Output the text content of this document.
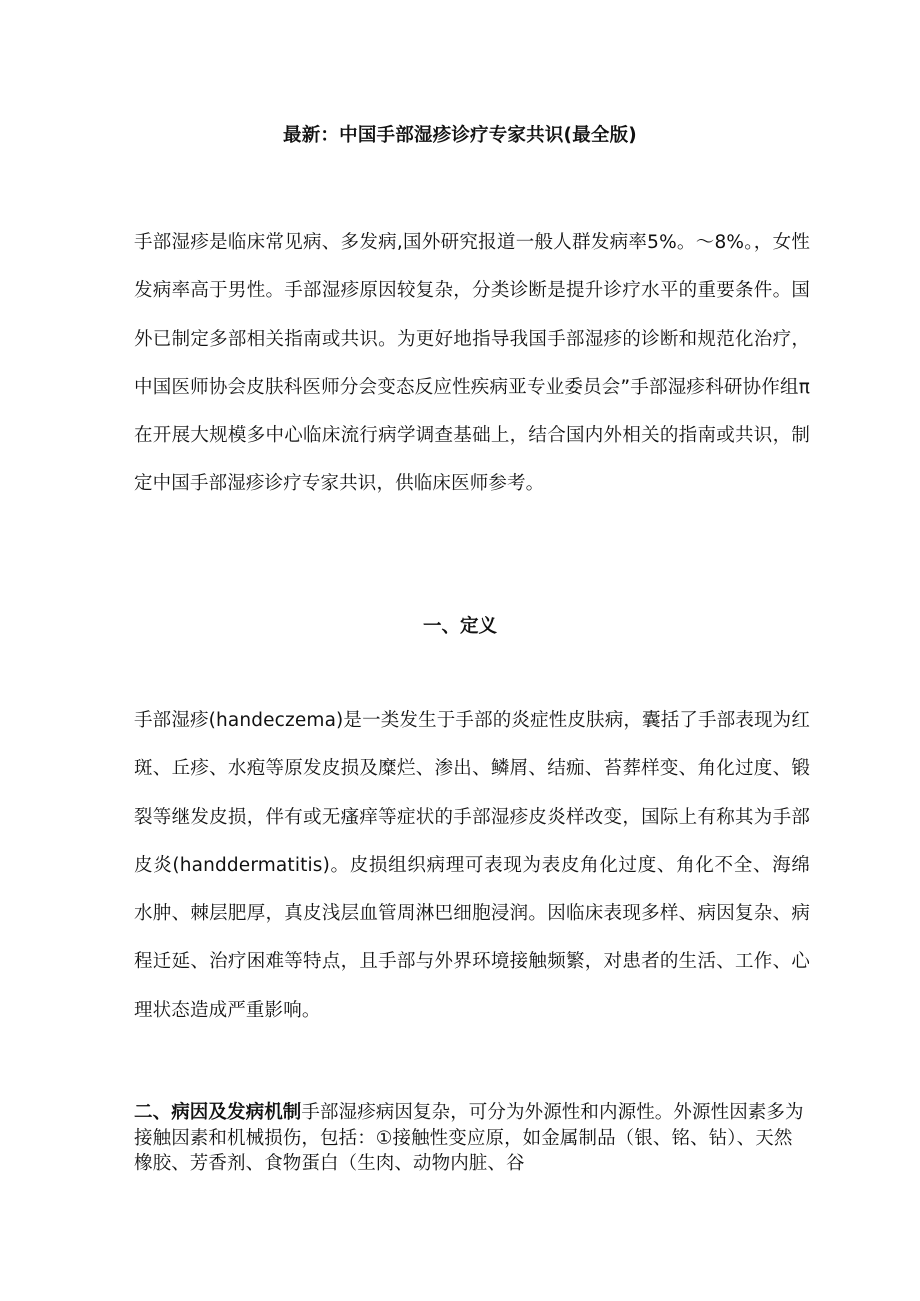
最新：中国手部湿疹诊疗专家共识(最全版)

手部湿疹是临床常见病、多发病,国外研究报道一般人群发病率5%。～8%。，女性发病率高于男性。手部湿疹原因较复杂，分类诊断是提升诊疗水平的重要条件。国外已制定多部相关指南或共识。为更好地指导我国手部湿疹的诊断和规范化治疗，中国医师协会皮肤科医师分会变态反应性疾病亚专业委员会”手部湿疹科研协作组π在开展大规模多中心临床流行病学调查基础上，结合国内外相关的指南或共识，制定中国手部湿疹诊疗专家共识，供临床医师参考。

一、定义

手部湿疹(handeczema)是一类发生于手部的炎症性皮肤病，囊括了手部表现为红斑、丘疹、水疱等原发皮损及糜烂、渗出、鳞屑、结痂、苔葬样变、角化过度、锻裂等继发皮损，伴有或无瘙痒等症状的手部湿疹皮炎样改变，国际上有称其为手部皮炎(handdermatitis)。皮损组织病理可表现为表皮角化过度、角化不全、海绵水肿、棘层肥厚，真皮浅层血管周淋巴细胞浸润。因临床表现多样、病因复杂、病程迁延、治疗困难等特点，且手部与外界环境接触频繁，对患者的生活、工作、心理状态造成严重影响。

二、病因及发病机制手部湿疹病因复杂，可分为外源性和内源性。外源性因素多为接触因素和机械损伤，包括：①接触性变应原，如金属制品（银、铭、钻）、天然橡胶、芳香剂、食物蛋白（生肉、动物内脏、谷
